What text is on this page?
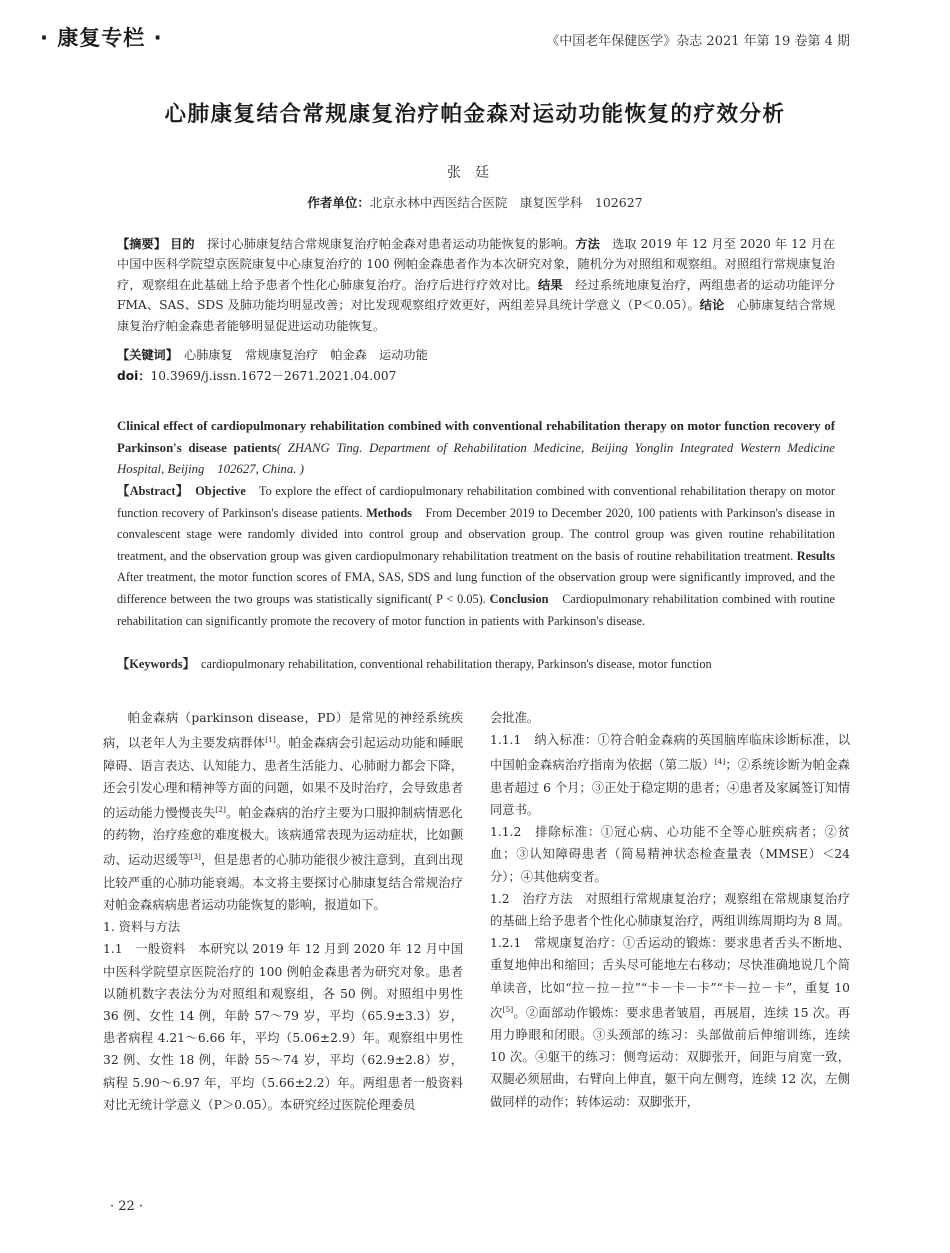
· 康复专栏 ·	《中国老年保健医学》杂志 2021 年第 19 卷第 4 期
心肺康复结合常规康复治疗帕金森对运动功能恢复的疗效分析
张廷
作者单位：北京永林中西医结合医院　康复医学科　102627
【摘要】 目的　 探讨心肺康复结合常规康复治疗帕金森对患者运动功能恢复的影响。方法　 选取 2019 年 12 月至 2020 年 12 月在中国中医科学院望京医院康复中心康复治疗的 100 例帕金森患者作为本次研究对象，随机分为对照组和观察组。对照组行常规康复治疗，观察组在此基础上给予患者个性化心肺康复治疗。治疗后进行疗效对比。结果　 经过系统地康复治疗，两组患者的运动功能评分 FMA、SAS、SDS 及肺功能均明显改善；对比发现观察组疗效更好，两组差异具统计学意义（P＜0.05）。结论　 心肺康复结合常规康复治疗帕金森患者能够明显促进运动功能恢复。
【关键词】　 心肺康复　常规康复治疗　帕金森　运动功能
doi：10.3969/j.issn.1672－2671.2021.04.007
Clinical effect of cardiopulmonary rehabilitation combined with conventional rehabilitation therapy on motor function recovery of Parkinson's disease patients( ZHANG Ting. Department of Rehabilitation Medicine, Beijing Yonglin Integrated Western Medicine Hospital, Beijing　102627, China. )
【Abstract】　 Objective　 To explore the effect of cardiopulmonary rehabilitation combined with conventional rehabilitation therapy on motor function recovery of Parkinson's disease patients. Methods　 From December 2019 to December 2020, 100 patients with Parkinson's disease in convalescent stage were randomly divided into control group and observation group. The control group was given routine rehabilitation treatment, and the observation group was given cardiopulmonary rehabilitation treatment on the basis of routine rehabilitation treatment. Results　After treatment, the motor function scores of FMA, SAS, SDS and lung function of the observation group were significantly improved, and the difference between the two groups was statistically significant( P < 0.05). Conclusion　 Cardiopulmonary rehabilitation combined with routine rehabilitation can significantly promote the recovery of motor function in patients with Parkinson's disease.
【Keywords】　 cardiopulmonary rehabilitation, conventional rehabilitation therapy, Parkinson's disease, motor function

帕金森病（parkinson disease，PD）是常见的神经系统疾病，以老年人为主要发病群体[1]。帕金森病会引起运动功能和睡眠障碍、语言表达、认知能力、患者生活能力、心肺耐力都会下降，还会引发心理和精神等方面的问题，如果不及时治疗，会导致患者的运动能力慢慢丧失[2]。帕金森病的治疗主要为口服抑制病情恶化的药物，治疗痊愈的难度极大。该病通常表现为运动症状，比如颤动、运动迟缓等[3]，但是患者的心肺功能很少被注意到，直到出现比较严重的心肺功能衰竭。本文将主要探讨心肺康复结合常规治疗对帕金森病病患者运动功能恢复的影响，报道如下。

1. 资料与方法

1.1　一般资料　 本研究以 2019 年 12 月到 2020 年 12 月中国中医科学院望京医院治疗的 100 例帕金森患者为研究对象。患者以随机数字表法分为对照组和观察组，各 50 例。对照组中男性 36 例、女性 14 例，年龄 57～79 岁，平均（65.9±3.3）岁，患者病程 4.21～6.66 年，平均（5.06±2.9）年。观察组中男性 32 例、女性 18 例，年龄 55～74 岁，平均（62.9±2.8）岁，病程 5.90～6.97 年，平均（5.66±2.2）年。两组患者一般资料对比无统计学意义（P＞0.05）。本研究经过医院伦理委员

会批准。

1.1.1　纳入标准：①符合帕金森病的英国脑库临床诊断标准，以中国帕金森病治疗指南为依据（第二版）[4]；②系统诊断为帕金森患者超过 6 个月；③正处于稳定期的患者；④患者及家属签订知情同意书。

1.1.2　排除标准：①冠心病、心功能不全等心脏疾病者；②贫血；③认知障碍患者（简易精神状态检查量表（MMSE）＜24 分）；④其他病变者。

1.2　治疗方法　 对照组行常规康复治疗；观察组在常规康复治疗的基础上给予患者个性化心肺康复治疗，两组训练周期均为 8 周。

1.2.1　常规康复治疗：①舌运动的锻炼：要求患者舌头不断地、重复地伸出和缩回；舌头尽可能地左右移动；尽快准确地说几个简单读音，比如“拉－拉－拉”“卡－卡－卡”“卡－拉－卡”，重复 10 次[5]。②面部动作锻炼：要求患者皱眉，再展眉，连续 15 次。再用力睁眼和闭眼。③头颈部的练习：头部做前后伸缩训练，连续 10 次。④躯干的练习：侧弯运动：双脚张开，间距与肩宽一致，双腿必须屈曲，右臂向上伸直，躯干向左侧弯，连续 12 次，左侧做同样的动作；转体运动：双脚张开，

· 22 ·
